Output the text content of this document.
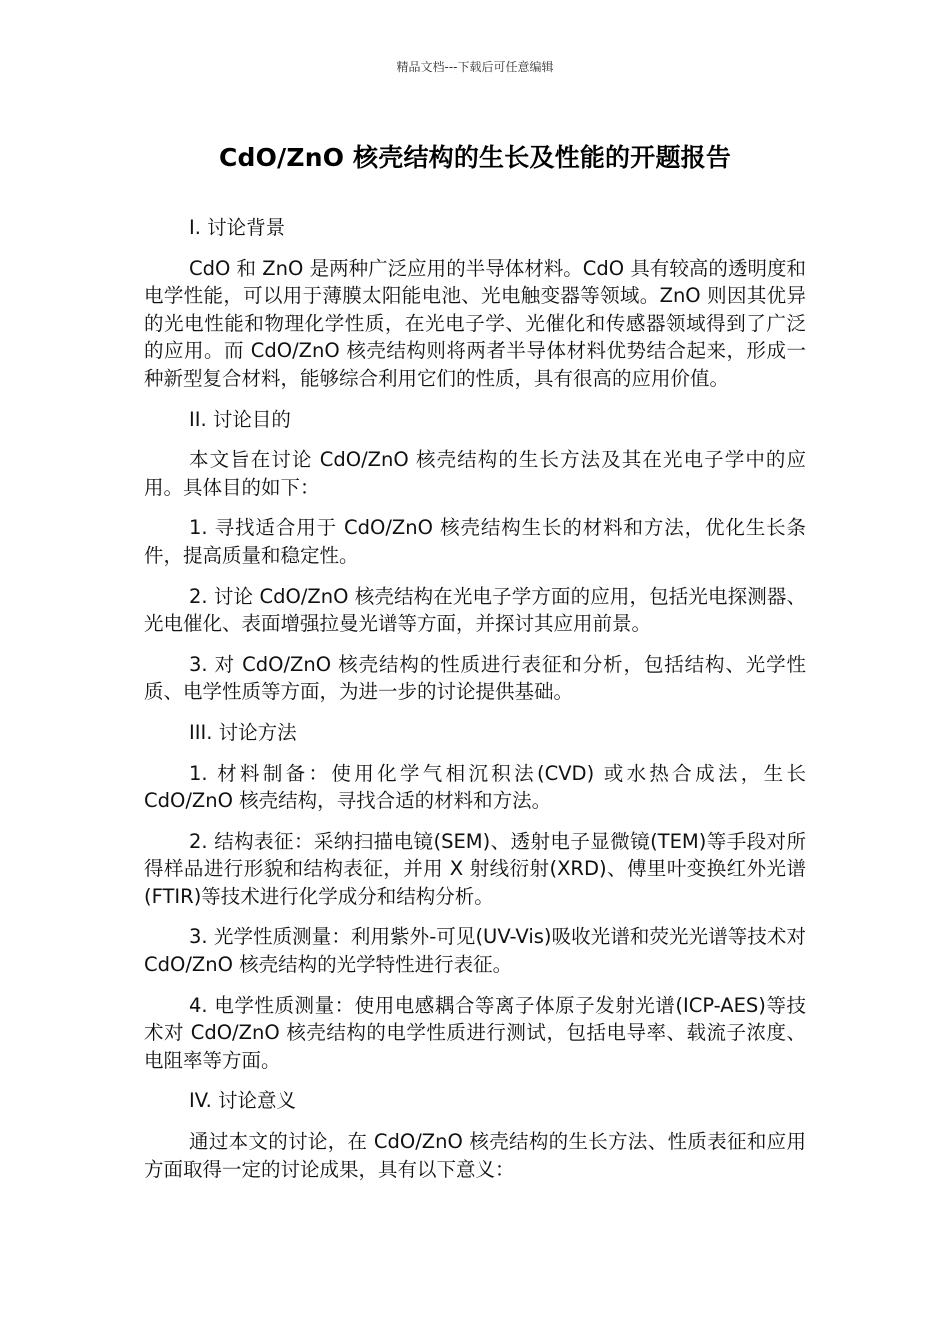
精品文档---下载后可任意编辑
CdO/ZnO 核壳结构的生长及性能的开题报告

I. 讨论背景

CdO 和 ZnO 是两种广泛应用的半导体材料。CdO 具有较高的透明度和电学性能，可以用于薄膜太阳能电池、光电触变器等领域。ZnO 则因其优异的光电性能和物理化学性质，在光电子学、光催化和传感器领域得到了广泛的应用。而 CdO/ZnO 核壳结构则将两者半导体材料优势结合起来，形成一种新型复合材料，能够综合利用它们的性质，具有很高的应用价值。

II. 讨论目的

本文旨在讨论 CdO/ZnO 核壳结构的生长方法及其在光电子学中的应用。具体目的如下：

1. 寻找适合用于 CdO/ZnO 核壳结构生长的材料和方法，优化生长条件，提高质量和稳定性。

2. 讨论 CdO/ZnO 核壳结构在光电子学方面的应用，包括光电探测器、光电催化、表面增强拉曼光谱等方面，并探讨其应用前景。

3. 对 CdO/ZnO 核壳结构的性质进行表征和分析，包括结构、光学性质、电学性质等方面，为进一步的讨论提供基础。

III. 讨论方法

1. 材料制备：使用化学气相沉积法(CVD) 或水热合成法，生长 CdO/ZnO 核壳结构，寻找合适的材料和方法。

2. 结构表征：采纳扫描电镜(SEM)、透射电子显微镜(TEM)等手段对所得样品进行形貌和结构表征，并用 X 射线衍射(XRD)、傅里叶变换红外光谱(FTIR)等技术进行化学成分和结构分析。

3. 光学性质测量：利用紫外-可见(UV-Vis)吸收光谱和荧光光谱等技术对 CdO/ZnO 核壳结构的光学特性进行表征。

4. 电学性质测量：使用电感耦合等离子体原子发射光谱(ICP-AES)等技术对 CdO/ZnO 核壳结构的电学性质进行测试，包括电导率、载流子浓度、电阻率等方面。

IV. 讨论意义

通过本文的讨论，在 CdO/ZnO 核壳结构的生长方法、性质表征和应用方面取得一定的讨论成果，具有以下意义：
